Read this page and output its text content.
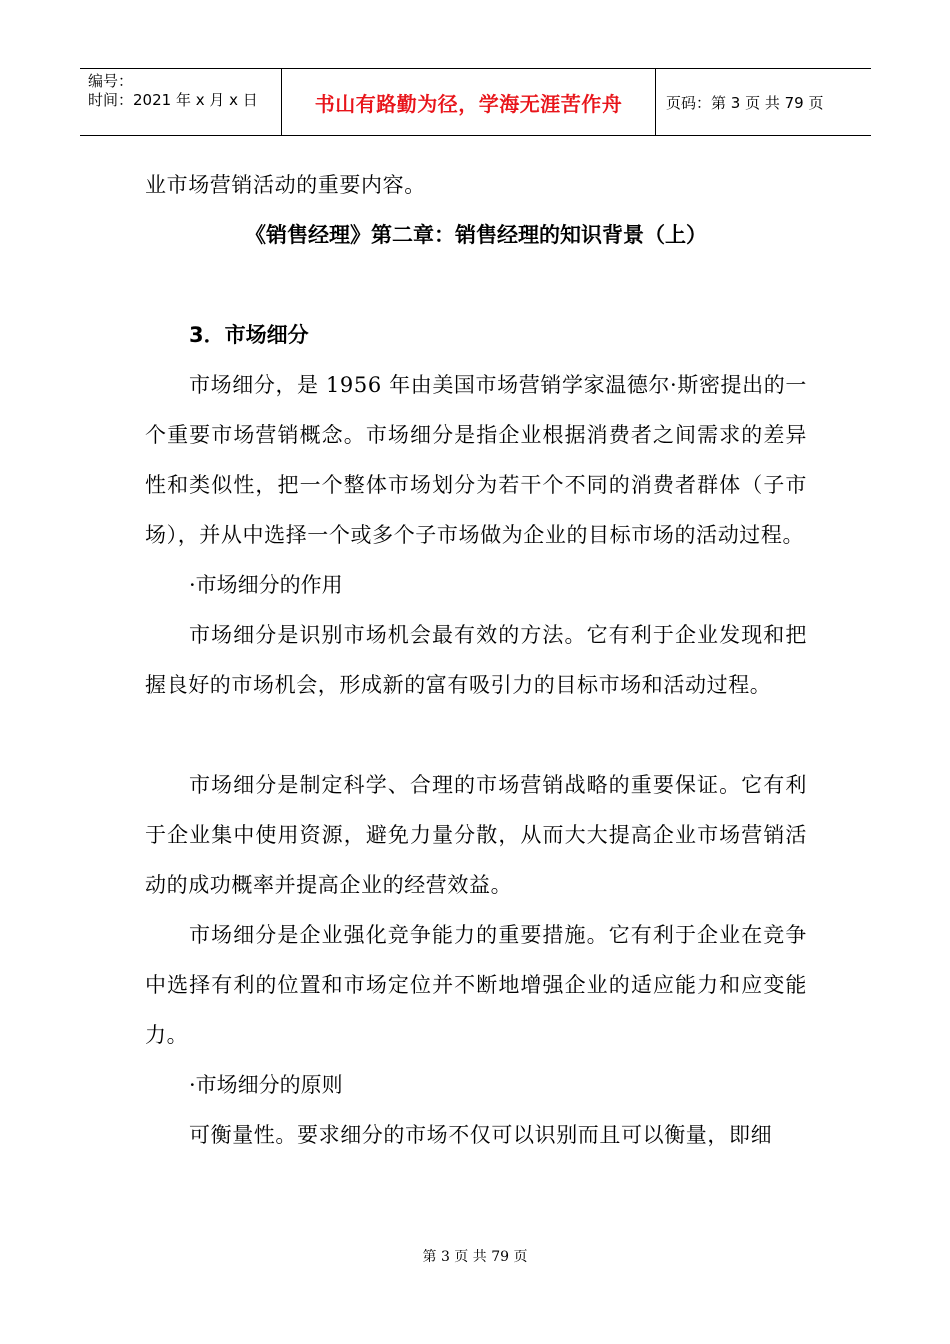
编号：
时间：2021 年 x 月 x 日	书山有路勤为径，学海无涯苦作舟	页码：第 3 页 共 79 页

业市场营销活动的重要内容。

《销售经理》第二章：销售经理的知识背景（上）

3．市场细分

市场细分，是 1956 年由美国市场营销学家温德尔·斯密提出的一个重要市场营销概念。市场细分是指企业根据消费者之间需求的差异性和类似性，把一个整体市场划分为若干个不同的消费者群体（子市场），并从中选择一个或多个子市场做为企业的目标市场的活动过程。

·市场细分的作用

市场细分是识别市场机会最有效的方法。它有利于企业发现和把握良好的市场机会，形成新的富有吸引力的目标市场和活动过程。

市场细分是制定科学、合理的市场营销战略的重要保证。它有利于企业集中使用资源，避免力量分散，从而大大提高企业市场营销活动的成功概率并提高企业的经营效益。

市场细分是企业强化竞争能力的重要措施。它有利于企业在竞争中选择有利的位置和市场定位并不断地增强企业的适应能力和应变能力。

·市场细分的原则

可衡量性。要求细分的市场不仅可以识别而且可以衡量，即细

第 3 页 共 79 页
